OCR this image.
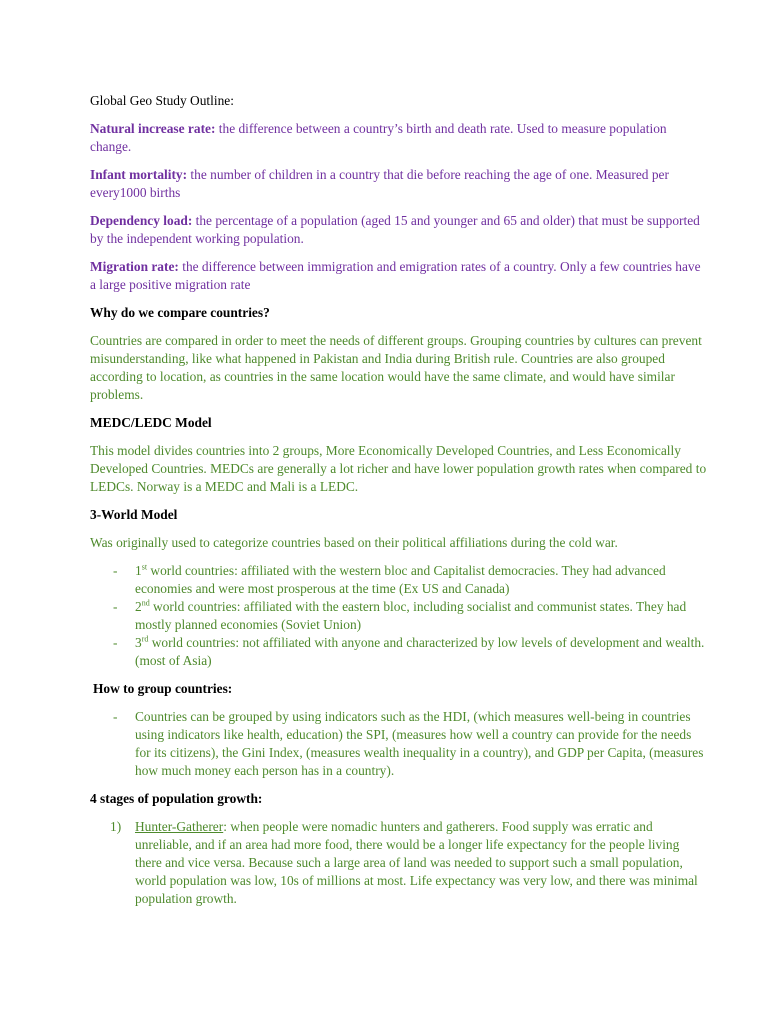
Global Geo Study Outline:

Natural increase rate: the difference between a country’s birth and death rate. Used to measure population change.

Infant mortality: the number of children in a country that die before reaching the age of one. Measured per every1000 births

Dependency load: the percentage of a population (aged 15 and younger and 65 and older) that must be supported by the independent working population.

Migration rate: the difference between immigration and emigration rates of a country. Only a few countries have a large positive migration rate

Why do we compare countries?

Countries are compared in order to meet the needs of different groups. Grouping countries by cultures can prevent misunderstanding, like what happened in Pakistan and India during British rule. Countries are also grouped according to location, as countries in the same location would have the same climate, and would have similar problems.

MEDC/LEDC Model

This model divides countries into 2 groups, More Economically Developed Countries, and Less Economically Developed Countries. MEDCs are generally a lot richer and have lower population growth rates when compared to LEDCs. Norway is a MEDC and Mali is a LEDC.

3-World Model

Was originally used to categorize countries based on their political affiliations during the cold war.

- 1st world countries: affiliated with the western bloc and Capitalist democracies. They had advanced economies and were most prosperous at the time (Ex US and Canada)
- 2nd world countries: affiliated with the eastern bloc, including socialist and communist states. They had mostly planned economies (Soviet Union)
- 3rd world countries: not affiliated with anyone and characterized by low levels of development and wealth. (most of Asia)

How to group countries:

- Countries can be grouped by using indicators such as the HDI, (which measures well-being in countries using indicators like health, education) the SPI, (measures how well a country can provide for the needs for its citizens), the Gini Index, (measures wealth inequality in a country), and GDP per Capita, (measures how much money each person has in a country).

4 stages of population growth:

1) Hunter-Gatherer: when people were nomadic hunters and gatherers. Food supply was erratic and unreliable, and if an area had more food, there would be a longer life expectancy for the people living there and vice versa. Because such a large area of land was needed to support such a small population, world population was low, 10s of millions at most. Life expectancy was very low, and there was minimal population growth.
